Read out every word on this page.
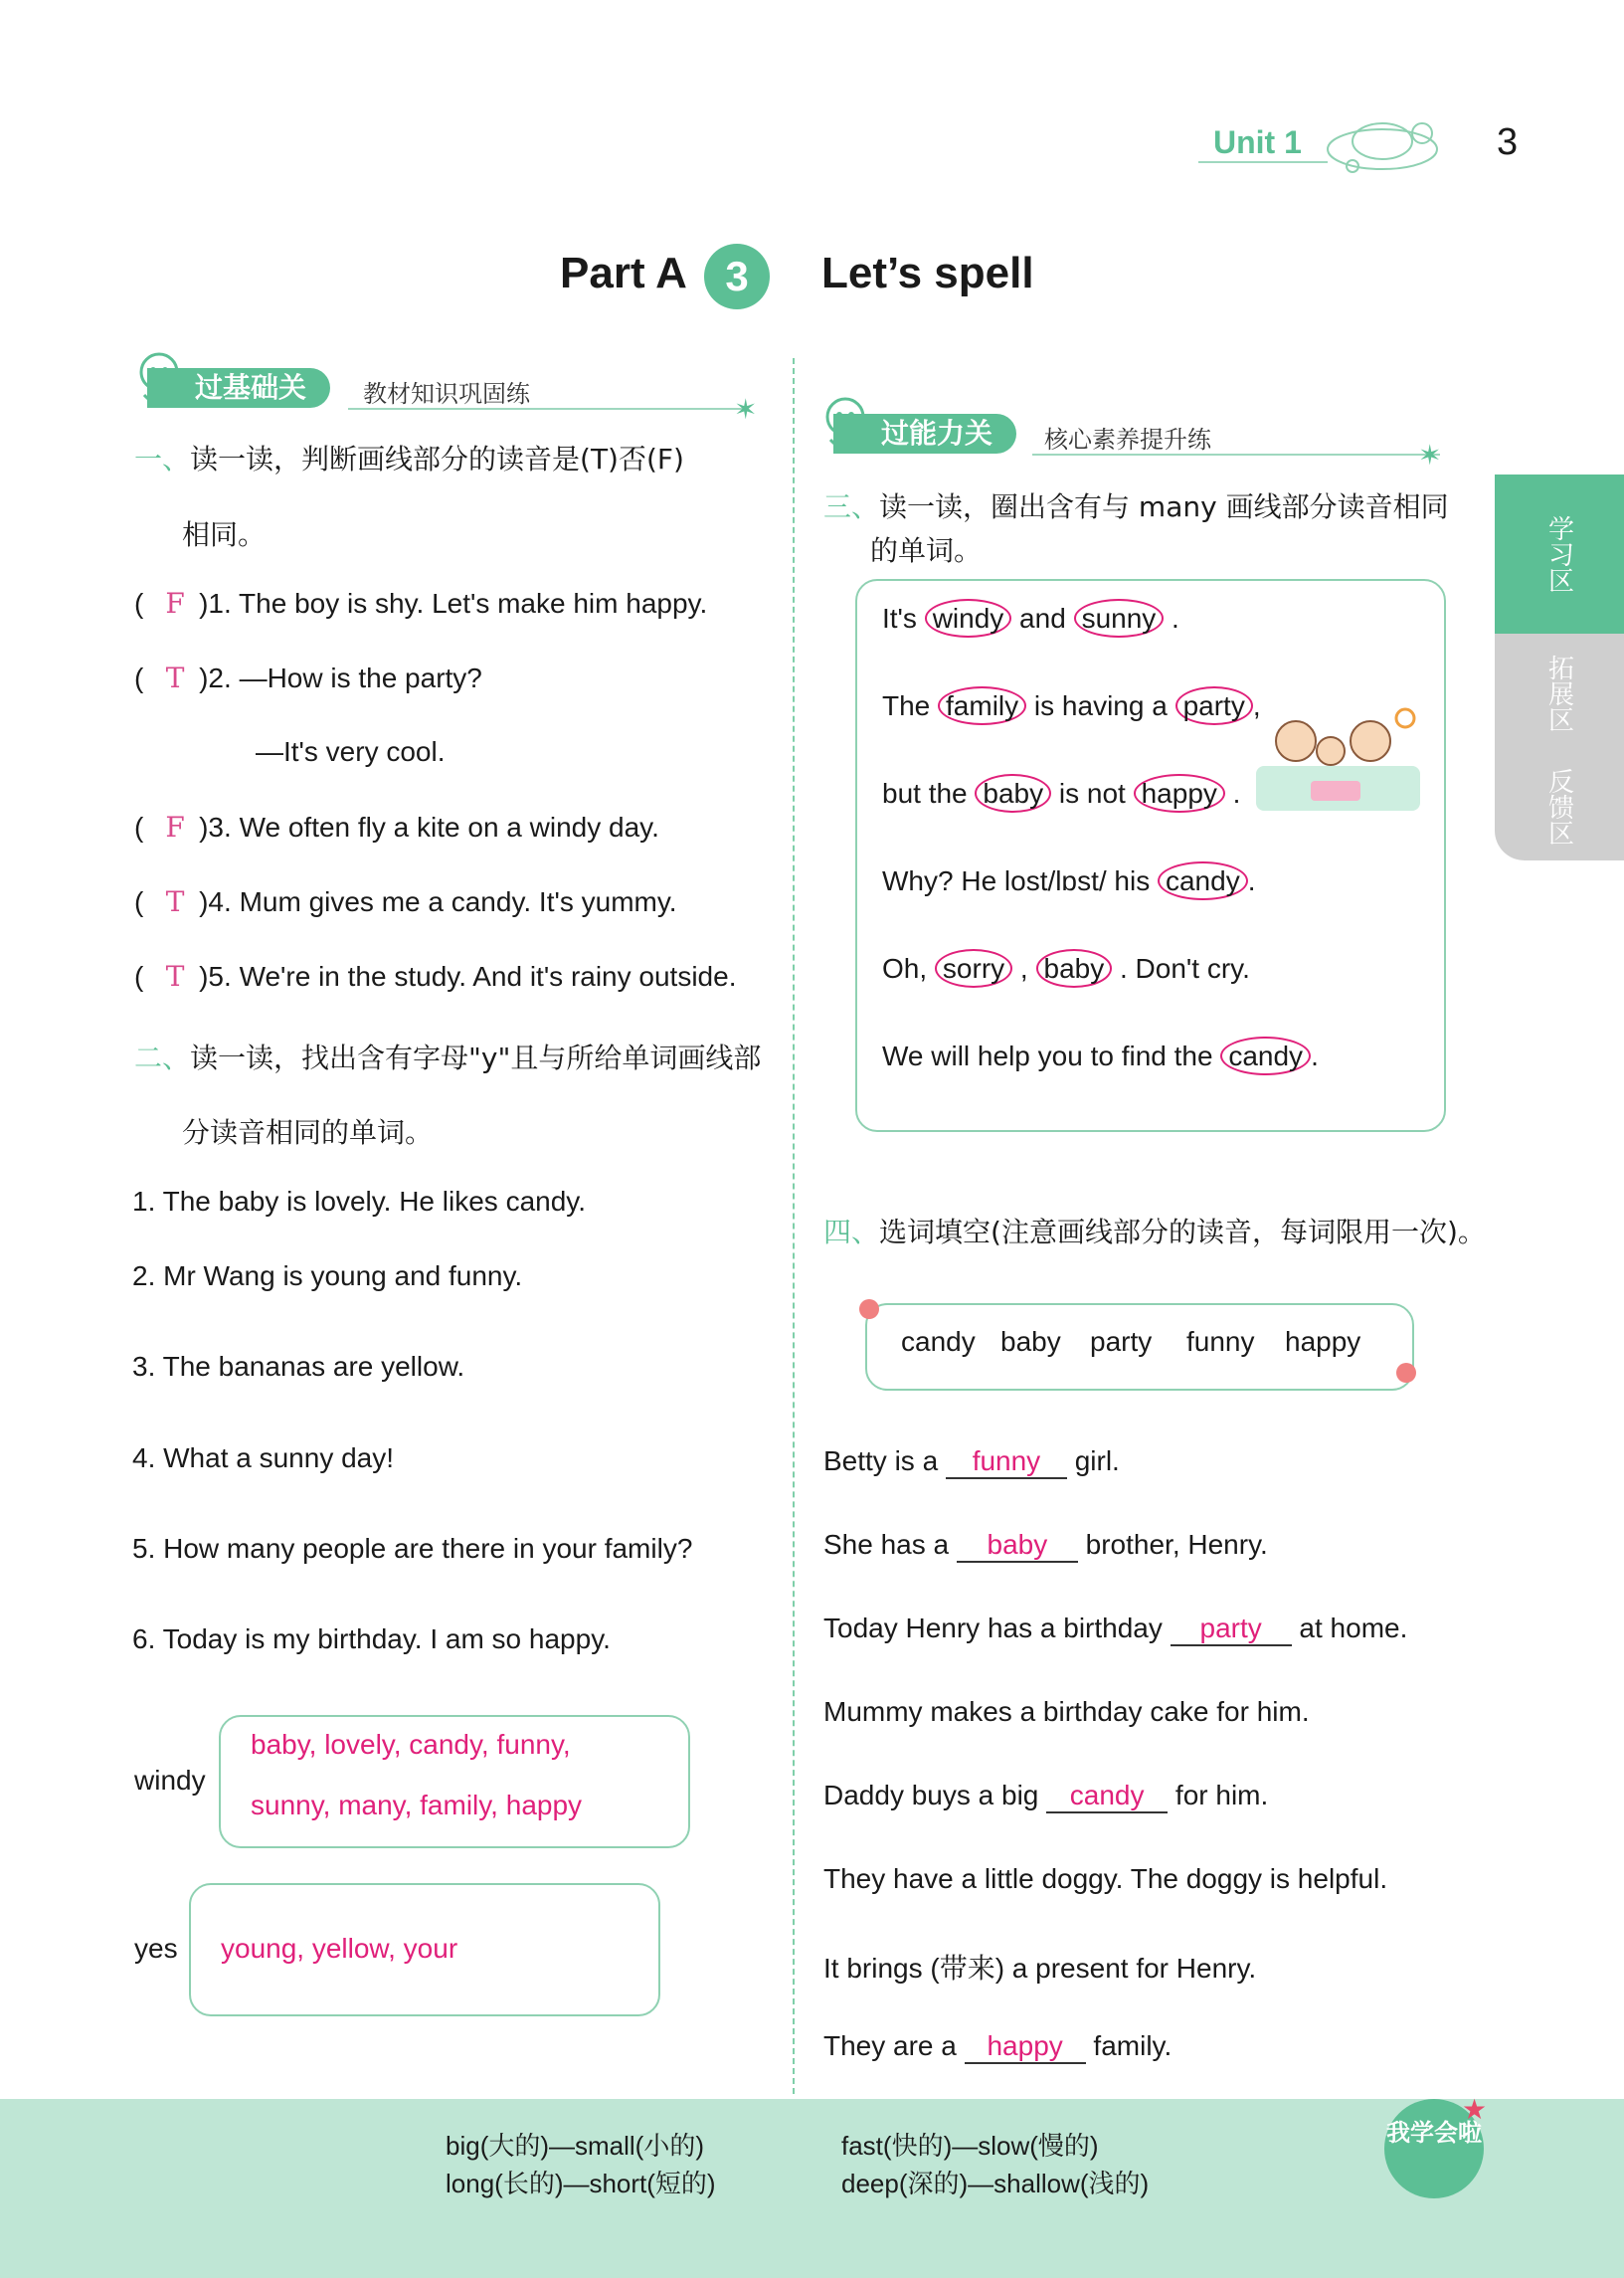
Unit 1	3
Part A 3	Let’s spell
过基础关	教材知识巩固练	✶
一、读一读，判断画线部分的读音是(T)否(F)
相同。
( F )1. The boy is shy. Let's make him happy.
( T )2. —How is the party?
—It's very cool.
( F )3. We often fly a kite on a windy day.
( T )4. Mum gives me a candy. It's yummy.
( T )5. We're in the study. And it's rainy outside.
二、读一读，找出含有字母"y"且与所给单词画线部
分读音相同的单词。
1. The baby is lovely. He likes candy.
2. Mr Wang is young and funny.
3. The bananas are yellow.
4. What a sunny day!
5. How many people are there in your family?
6. Today is my birthday. I am so happy.
windy
baby, lovely, candy, funny,
sunny, many, family, happy
yes young, yellow, your
过能力关	核心素养提升练	✶
学习区
拓展区
反馈区
三、读一读，圈出含有与 many 画线部分读音相同
的单词。
It's windy and sunny .
The family is having a party ,
but the baby is not happy .
Why? He lost/lɒst/ his candy .
Oh, sorry , baby . Don't cry.
We will help you to find the candy .
四、选词填空(注意画线部分的读音，每词限用一次)。
candy baby party funny happy
Betty is a funny girl.
She has a baby brother, Henry.
Today Henry has a birthday party at home.
Mummy makes a birthday cake for him.
Daddy buys a big candy for him.
They have a little doggy. The doggy is helpful.
It brings (带来) a present for Henry.
They are a happy family.
big(大的)—small(小的)
long(长的)—short(短的)
fast(快的)—slow(慢的)
deep(深的)—shallow(浅的)
我学会啦
★
